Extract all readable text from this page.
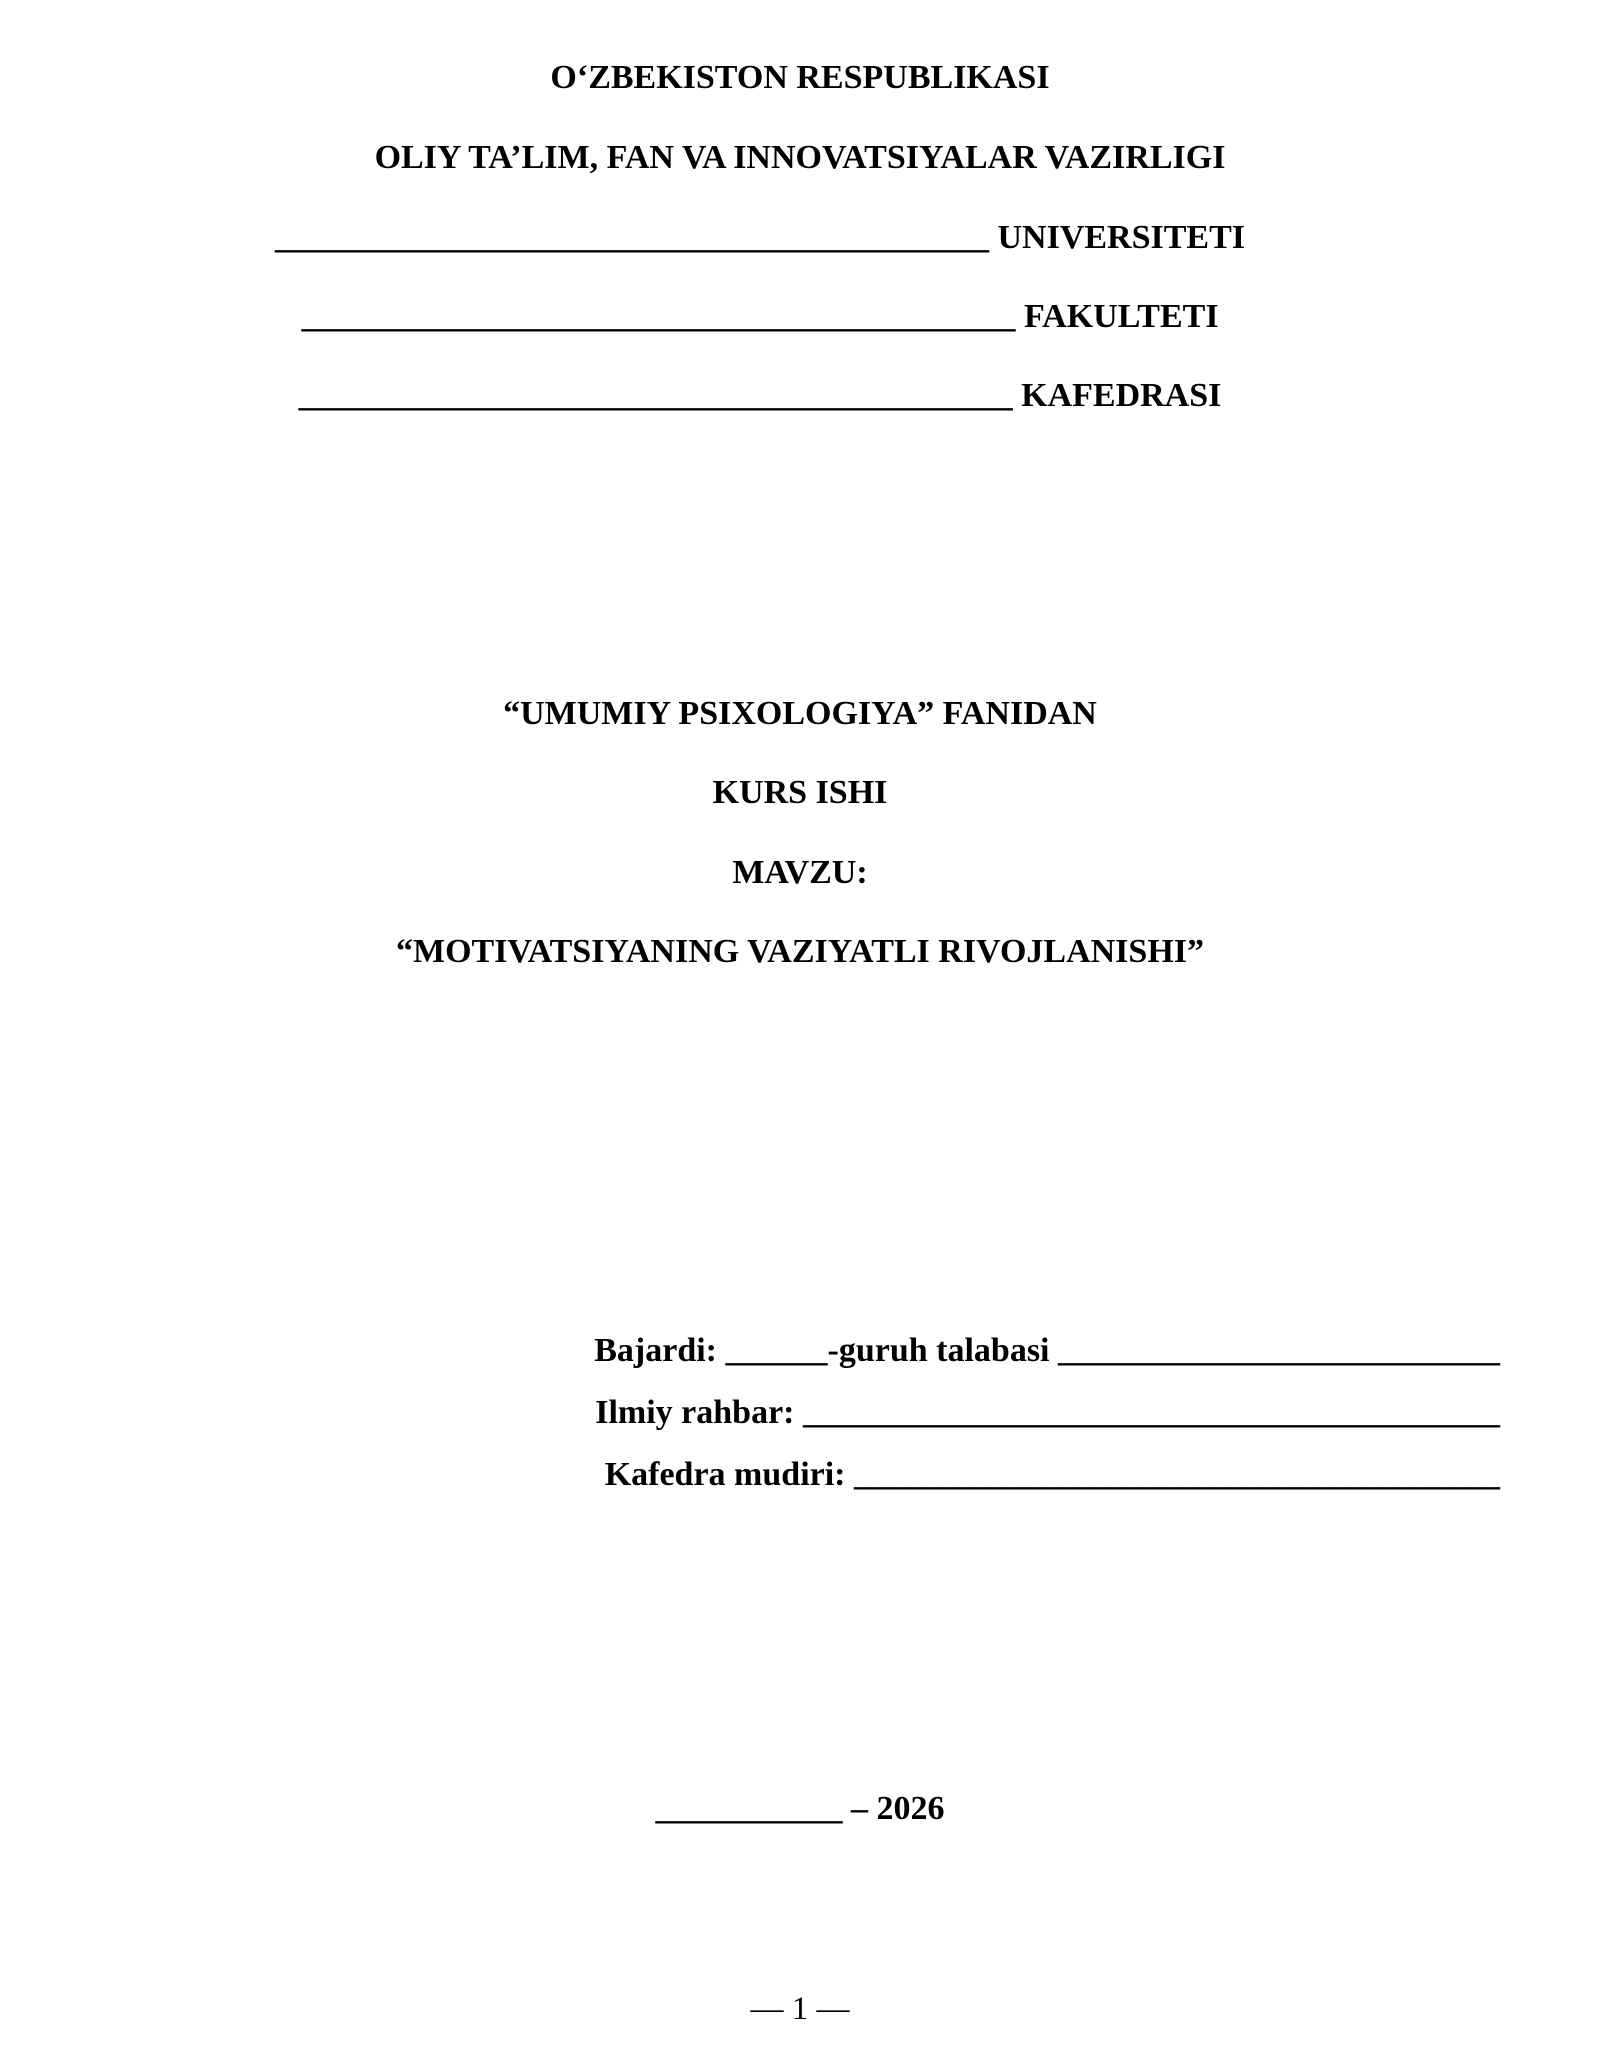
O‘ZBEKISTON RESPUBLIKASI
OLIY TA’LIM, FAN VA INNOVATSIYALAR VAZIRLIGI
__________________________________________ UNIVERSITETI
__________________________________________ FAKULTETI
__________________________________________ KAFEDRASI
“UMUMIY PSIXOLOGIYA” FANIDAN
KURS ISHI
MAVZU:
“MOTIVATSIYANING VAZIYATLI RIVOJLANISHI”
Bajardi: ______-guruh talabasi __________________________
Ilmiy rahbar: _________________________________________
Kafedra mudiri: ______________________________________
___________ – 2026
— 1 —
